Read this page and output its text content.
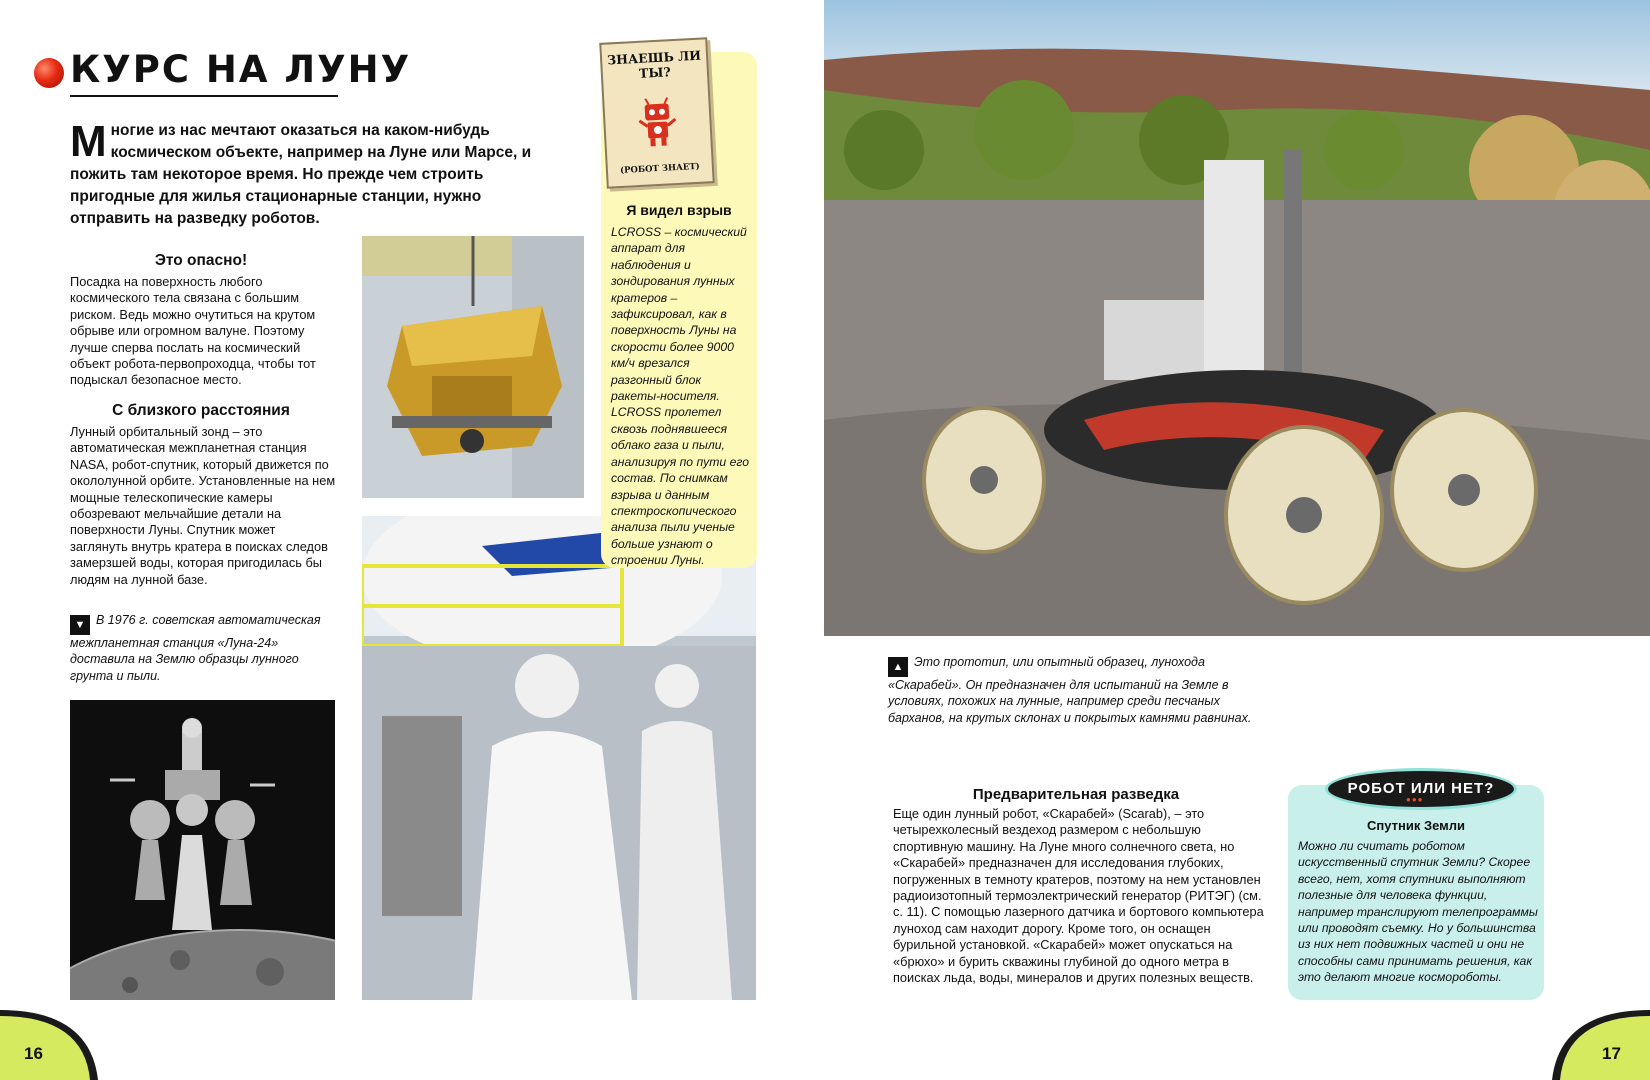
КУРС НА ЛУНУ
Многие из нас мечтают оказаться на каком-нибудь космическом объекте, например на Луне или Марсе, и пожить там некоторое время. Но прежде чем строить пригодные для жилья стационарные станции, нужно отправить на разведку роботов.
Это опасно!
Посадка на поверхность любого космического тела связана с большим риском. Ведь можно очутиться на крутом обрыве или огромном валуне. Поэтому лучше сперва послать на космический объект робота-первопроходца, чтобы тот подыскал безопасное место.
С близкого расстояния
Лунный орбитальный зонд – это автоматическая межпланетная станция NASA, робот-спутник, который движется по окололунной орбите. Установленные на нем мощные телескопические камеры обозревают мельчайшие детали на поверхности Луны. Спутник может заглянуть внутрь кратера в поисках следов замерзшей воды, которая пригодилась бы людям на лунной базе.
▼ В 1976 г. советская автоматическая межпланетная станция «Луна-24» доставила на Землю образцы лунного грунта и пыли.
ЗНАЕШЬ ЛИ ТЫ?
(РОБОТ ЗНАЕТ)
Я видел взрыв
LCROSS – космический аппарат для наблюдения и зондирования лунных кратеров – зафиксировал, как в поверхность Луны на скорости более 9000 км/ч врезался разгонный блок ракеты-носителя. LCROSS пролетел сквозь поднявшееся облако газа и пыли, анализируя по пути его состав. По снимкам взрыва и данным спектроскопического анализа пыли ученые больше узнают о строении Луны.
▲ Это прототип, или опытный образец, лунохода «Скарабей». Он предназначен для испытаний на Земле в условиях, похожих на лунные, например среди песчаных барханов, на крутых склонах и покрытых камнями равнинах.
Предварительная разведка
Еще один лунный робот, «Скарабей» (Scarab), – это четырехколесный вездеход размером с небольшую спортивную машину. На Луне много солнечного света, но «Скарабей» предназначен для исследования глубоких, погруженных в темноту кратеров, поэтому на нем установлен радиоизотопный термоэлектрический генератор (РИТЭГ) (см. с. 11). С помощью лазерного датчика и бортового компьютера луноход сам находит дорогу. Кроме того, он оснащен бурильной установкой. «Скарабей» может опускаться на «брюхо» и бурить скважины глубиной до одного метра в поисках льда, воды, минералов и других полезных веществ.
РОБОТ ИЛИ НЕТ?
●●●
Спутник Земли
Можно ли считать роботом искусственный спутник Земли? Скорее всего, нет, хотя спутники выполняют полезные для человека функции, например транслируют телепрограммы или проводят съемку. Но у большинства из них нет подвижных частей и они не способны сами принимать решения, как это делают многие космороботы.
16	17
